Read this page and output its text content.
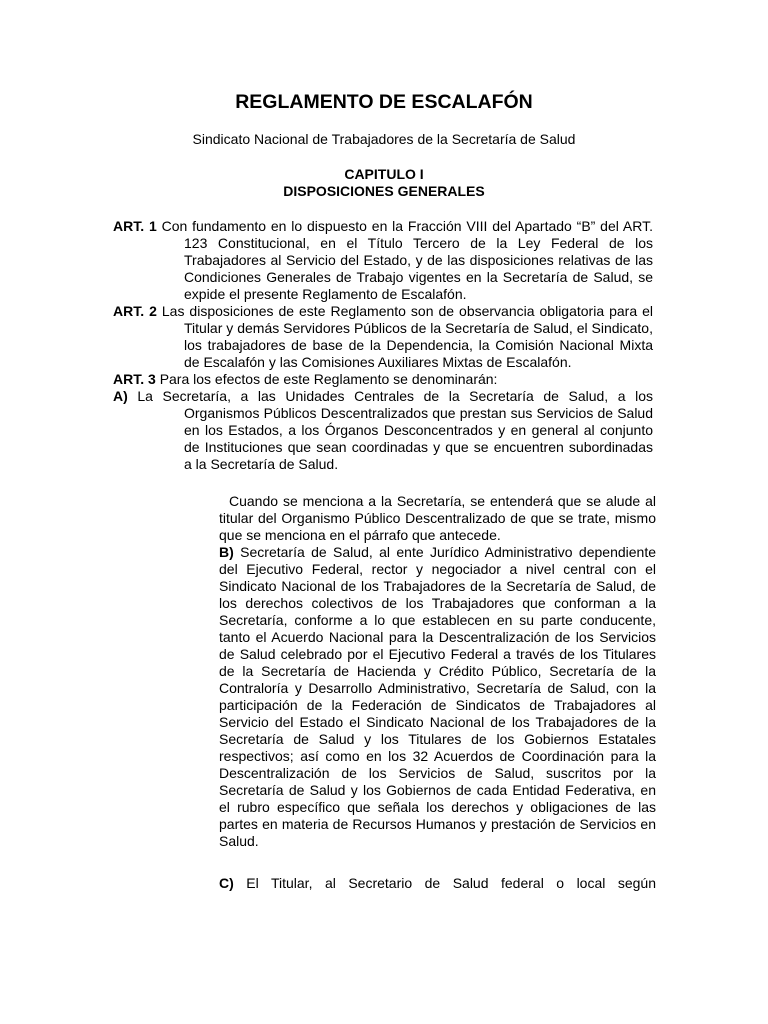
REGLAMENTO DE ESCALAFÓN
Sindicato Nacional de Trabajadores de la Secretaría de Salud
CAPITULO I
DISPOSICIONES GENERALES

ART. 1 Con fundamento en lo dispuesto en la Fracción VIII del Apartado “B” del ART. 123 Constitucional, en el Título Tercero de la Ley Federal de los Trabajadores al Servicio del Estado, y de las disposiciones relativas de las Condiciones Generales de Trabajo vigentes en la Secretaría de Salud, se expide el presente Reglamento de Escalafón.

ART. 2 Las disposiciones de este Reglamento son de observancia obligatoria para el Titular y demás Servidores Públicos de la Secretaría de Salud, el Sindicato, los trabajadores de base de la Dependencia, la Comisión Nacional Mixta de Escalafón y las Comisiones Auxiliares Mixtas de Escalafón.

ART. 3 Para los efectos de este Reglamento se denominarán:

A) La Secretaría, a las Unidades Centrales de la Secretaría de Salud, a los Organismos Públicos Descentralizados que prestan sus Servicios de Salud en los Estados, a los Órganos Desconcentrados y en general al conjunto de Instituciones que sean coordinadas y que se encuentren subordinadas a la Secretaría de Salud.

Cuando se menciona a la Secretaría, se entenderá que se alude al titular del Organismo Público Descentralizado de que se trate, mismo que se menciona en el párrafo que antecede.

B) Secretaría de Salud, al ente Jurídico Administrativo dependiente del Ejecutivo Federal, rector y negociador a nivel central con el Sindicato Nacional de los Trabajadores de la Secretaría de Salud, de los derechos colectivos de los Trabajadores que conforman a la Secretaría, conforme a lo que establecen en su parte conducente, tanto el Acuerdo Nacional para la Descentralización de los Servicios de Salud celebrado por el Ejecutivo Federal a través de los Titulares de la Secretaría de Hacienda y Crédito Público, Secretaría de la Contraloría y Desarrollo Administrativo, Secretaría de Salud, con la participación de la Federación de Sindicatos de Trabajadores al Servicio del Estado el Sindicato Nacional de los Trabajadores de la Secretaría de Salud y los Titulares de los Gobiernos Estatales respectivos; así como en los 32 Acuerdos de Coordinación para la Descentralización de los Servicios de Salud, suscritos por la Secretaría de Salud y los Gobiernos de cada Entidad Federativa, en el rubro específico que señala los derechos y obligaciones de las partes en materia de Recursos Humanos y prestación de Servicios en Salud.

C) El Titular, al Secretario de Salud federal o local según
